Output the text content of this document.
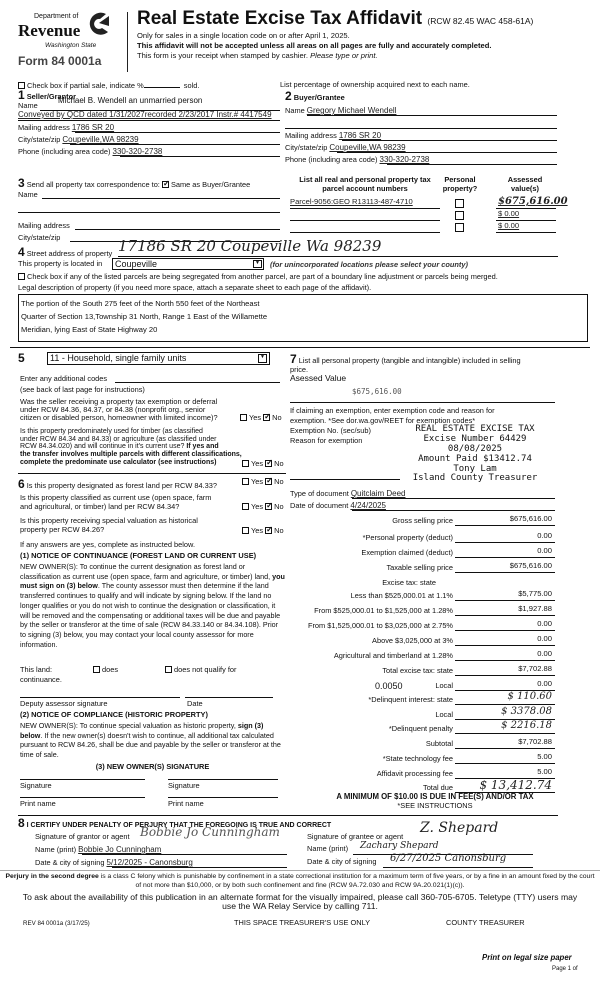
Department of
Revenue
Washington State
Form 84 0001a
Real Estate Excise Tax Affidavit (RCW 82.45 WAC 458-61A)
Only for sales in a single location code on or after April 1, 2025.
This affidavit will not be accepted unless all areas on all pages are fully and accurately completed.
This form is your receipt when stamped by cashier. Please type or print.
Check box if partial sale, indicate %	sold.	List percentage of ownership acquired next to each name.
1 Seller/Grantor
Name
Michael B. Wendell an unmarried person
Conveyed by QCD dated 1/31/2027recorded 2/23/2017 Instr.# 4417549
Mailing address 1786 SR 20
City/state/zip Coupeville,WA 98239
Phone (including area code) 330-320-2738
2 Buyer/Grantee
Name Gregory Michael Wendell
Mailing address 1786 SR 20
City/state/zip Coupeville,WA 98239
Phone (including area code) 330-320-2738
3 Send all property tax correspondence to: ✓ Same as Buyer/Grantee
Name
Mailing address
City/state/zip
List all real and personal property tax
parcel account numbers
Personal
property?
Assessed
value(s)
Parcel-9056:GEO R13113-487-4710	$675,616.00
$ 0.00
$ 0.00
4 Street address of property 17186 SR 20 Coupeville Wa 98239
This property is located in	Coupeville	▼ (for unincorporated locations please select your county)
Check box if any of the listed parcels are being segregated from another parcel, are part of a boundary line adjustment or parcels being merged.
Legal description of property (if you need more space, attach a separate sheet to each page of the affidavit).
The portion of the South 275 feet of the North 550 feet of the Northeast
Quarter of Section 13,Township 31 North, Range 1 East of the Willamette
Meridian, lying East of State Highway 20
5	11 - Household, single family units	▼
Enter any additional codes
(see back of last page for instructions)
Was the seller receiving a property tax exemption or deferral
under RCW 84.36, 84.37, or 84.38 (nonprofit org., senior
citizen or disabled person, homeowner with limited income)?	Yes ✓ No
Is this property predominately used for timber (as classified
under RCW 84.34 and 84.33) or agriculture (as classified under
RCW 84.34.020) and will continue in it's current use? If yes and
the transfer involves multiple parcels with different classifications,
complete the predominate use calculator (see instructions)	Yes ✓ No
6 Is this property designated as forest land per RCW 84.33?	Yes ✓ No
Is this property classified as current use (open space, farm
and agricultural, or timber) land per RCW 84.34?	Yes ✓ No
Is this property receiving special valuation as historical
property per RCW 84.26?	Yes ✓ No
If any answers are yes, complete as instructed below.
(1) NOTICE OF CONTINUANCE (FOREST LAND OR CURRENT USE)
NEW OWNER(S): To continue the current designation as forest land or classification as current use (open space, farm and agriculture, or timber) land, you must sign on (3) below. The county assessor must then determine if the land transferred continues to qualify and will indicate by signing below. If the land no longer qualifies or you do not wish to continue the designation or classification, it will be removed and the compensating or additional taxes will be due and payable by the seller or transferor at the time of sale (RCW 84.33.140 or 84.34.108). Prior to signing (3) below, you may contact your local county assessor for more information.
This land:	does	does not qualify for
continuance.
Deputy assessor signature	Date
(2) NOTICE OF COMPLIANCE (HISTORIC PROPERTY)
NEW OWNER(S): To continue special valuation as historic property, sign (3) below. If the new owner(s) doesn't wish to continue, all additional tax calculated pursuant to RCW 84.26, shall be due and payable by the seller or transferor at the time of sale.
(3) NEW OWNER(S) SIGNATURE
Signature	Signature
Print name	Print name
7 List all personal property (tangible and intangible) included in selling
price.
Asessed Value
$675,616.00
If claiming an exemption, enter exemption code and reason for
exemption. *See dor.wa.gov/REET for exemption codes*
Exemption No. (sec/sub)
Reason for exemption
REAL ESTATE EXCISE TAX
Excise Number 64429
08/08/2025
Amount Paid $13412.74
Tony Lam
Island County Treasurer
Type of document Quitclaim Deed
Date of document 4/24/2025
Gross selling price	$675,616.00
*Personal property (deduct)	0.00
Exemption claimed (deduct)	0.00
Taxable selling price	$675,616.00
Excise tax: state
Less than $525,000.01 at 1.1%	$5,775.00
From $525,000.01 to $1,525,000 at 1.28%	$1,927.88
From $1,525,000.01 to $3,025,000 at 2.75%	0.00
Above $3,025,000 at 3%	0.00
Agricultural and timberland at 1.28%	0.00
Total excise tax: state	$7,702.88
Local
0.0050	0.00
*Delinquent interest: state	$ 110.60
Local	$ 3378.08
*Delinquent penalty	$ 2216.18
Subtotal	$7,702.88
*State technology fee	5.00
Affidavit processing fee	5.00
Total due	$ 13,412.74
A MINIMUM OF $10.00 IS DUE IN FEE(S) AND/OR TAX
*SEE INSTRUCTIONS
8 I CERTIFY UNDER PENALTY OF PERJURY THAT THE FOREGOING IS TRUE AND CORRECT
Signature of grantor or agent Bobbie Jo Cunningham	Signature of grantee or agent
Z. Shepard
Name (print) Bobbie Jo Cunningham	Name (print) Zachary Shepard
Date & city of signing 5/12/2025 - Canonsburg	Date & city of signing 6/27/2025 Canonsburg
Perjury in the second degree is a class C felony which is punishable by confinement in a state correctional institution for a maximum term of five years, or by a fine in an amount fixed by the court of not more than $10,000, or by both such confinement and fine (RCW 9A.72.030 and RCW 9A.20.021(1)(c)).
To ask about the availability of this publication in an alternate format for the visually impaired, please call 360-705-6705. Teletype (TTY) users may use the WA Relay Service by calling 711.
REV 84 0001a (3/17/25)	THIS SPACE TREASURER'S USE ONLY	COUNTY TREASURER
Print on legal size paper
Page 1 of
